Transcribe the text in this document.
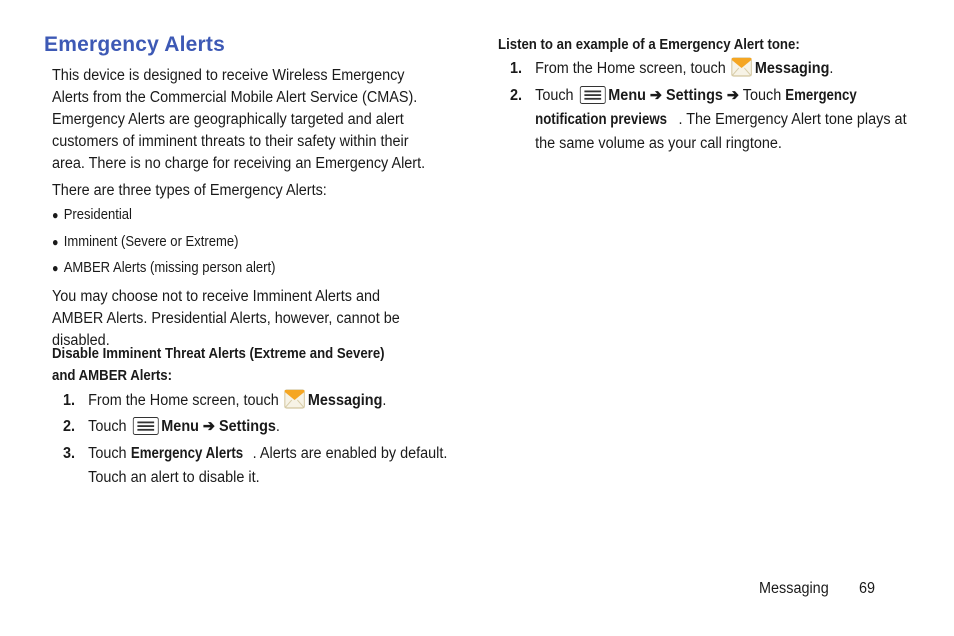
Emergency Alerts

This device is designed to receive Wireless Emergency Alerts from the Commercial Mobile Alert Service (CMAS). Emergency Alerts are geographically targeted and alert customers of imminent threats to their safety within their area. There is no charge for receiving an Emergency Alert.

There are three types of Emergency Alerts:

● Presidential
● Imminent (Severe or Extreme)
● AMBER Alerts (missing person alert)

You may choose not to receive Imminent Alerts and AMBER Alerts. Presidential Alerts, however, cannot be disabled.

Disable Imminent Threat Alerts (Extreme and Severe)
and AMBER Alerts:
1. From the Home screen, touch Messaging.
2. Touch Menu ➔ Settings.
3. Touch Emergency Alerts . Alerts are enabled by default.
Touch an alert to disable it.
Listen to an example of a Emergency Alert tone:
1. From the Home screen, touch Messaging.
2. Touch Menu ➔ Settings ➔ Touch Emergency
notification previews . The Emergency Alert tone plays at
the same volume as your call ringtone.
Messaging 69
